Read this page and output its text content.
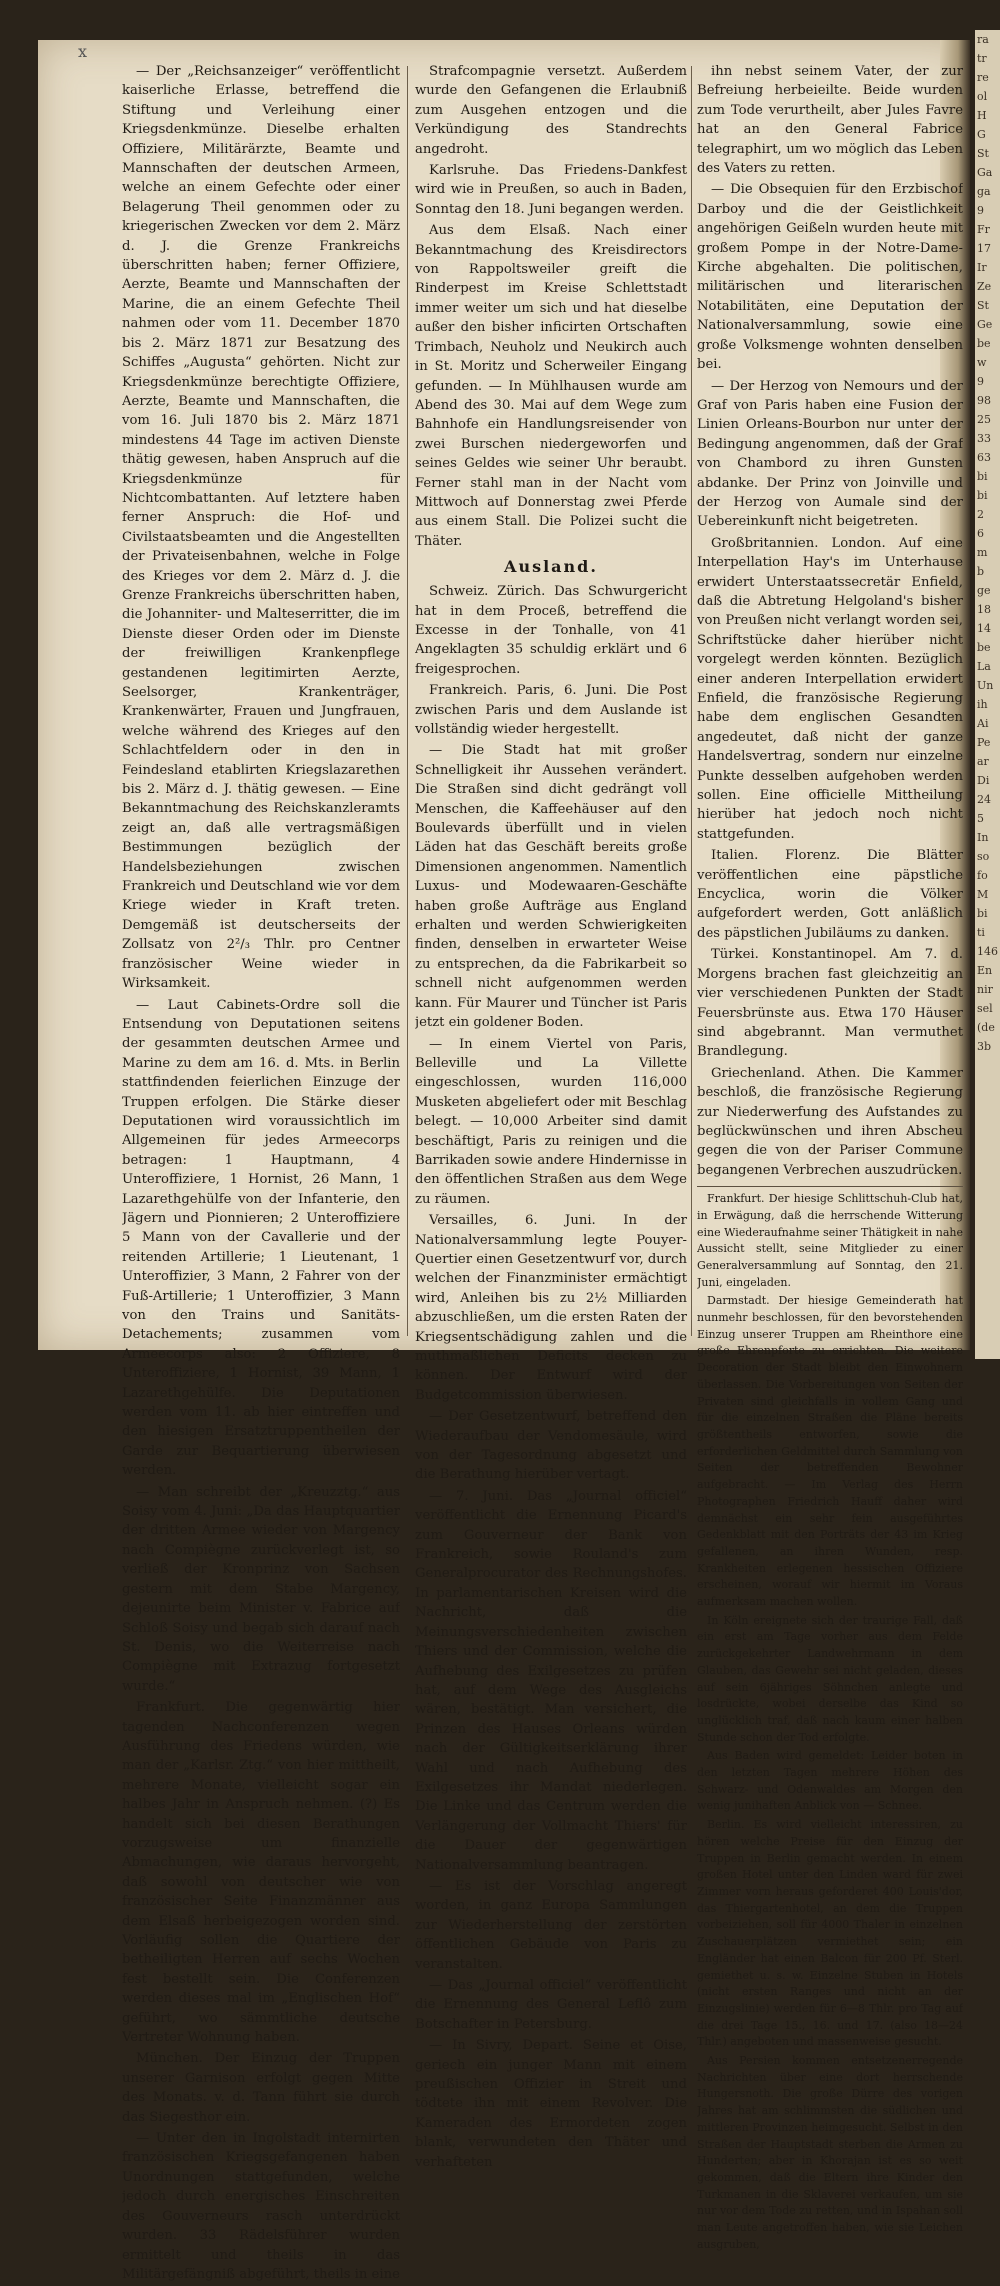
x
ra
tr
re
ol
H
G
St
Ga
ga
9
Fr
17
Ir
Ze
St
Ge
be
w
9
98
25
33
63
bi
bi
2
6
m
b
ge
18
14
be
La
Un
ih
Ai
Pe
ar
Di
24
5
In
so
fo
M
bi
ti
146
En
nir
sel
(de
3b

— Der „Reichsanzeiger“ veröffentlicht kaiserliche Erlasse, betreffend die Stiftung und Verleihung einer Kriegsdenkmünze. Dieselbe erhalten Offiziere, Militärärzte, Beamte und Mannschaften der deutschen Armeen, welche an einem Gefechte oder einer Belagerung Theil genommen oder zu kriegerischen Zwecken vor dem 2. März d. J. die Grenze Frankreichs überschritten haben; ferner Offiziere, Aerzte, Beamte und Mannschaften der Marine, die an einem Gefechte Theil nahmen oder vom 11. December 1870 bis 2. März 1871 zur Besatzung des Schiffes „Augusta“ gehörten. Nicht zur Kriegsdenkmünze berechtigte Offiziere, Aerzte, Beamte und Mannschaften, die vom 16. Juli 1870 bis 2. März 1871 mindestens 44 Tage im activen Dienste thätig gewesen, haben Anspruch auf die Kriegsdenkmünze für Nichtcombattanten. Auf letztere haben ferner Anspruch: die Hof- und Civilstaatsbeamten und die Angestellten der Privateisenbahnen, welche in Folge des Krieges vor dem 2. März d. J. die Grenze Frankreichs überschritten haben, die Johanniter- und Malteserritter, die im Dienste dieser Orden oder im Dienste der freiwilligen Krankenpflege gestandenen legitimirten Aerzte, Seelsorger, Krankenträger, Krankenwärter, Frauen und Jungfrauen, welche während des Krieges auf den Schlachtfeldern oder in den in Feindesland etablirten Kriegslazarethen bis 2. März d. J. thätig gewesen. — Eine Bekanntmachung des Reichskanzleramts zeigt an, daß alle vertragsmäßigen Bestimmungen bezüglich der Handelsbeziehungen zwischen Frankreich und Deutschland wie vor dem Kriege wieder in Kraft treten. Demgemäß ist deutscherseits der Zollsatz von 2²/₃ Thlr. pro Centner französischer Weine wieder in Wirksamkeit.

— Laut Cabinets-Ordre soll die Entsendung von Deputationen seitens der gesammten deutschen Armee und Marine zu dem am 16. d. Mts. in Berlin stattfindenden feierlichen Einzuge der Truppen erfolgen. Die Stärke dieser Deputationen wird voraussichtlich im Allgemeinen für jedes Armeecorps betragen: 1 Hauptmann, 4 Unteroffiziere, 1 Hornist, 26 Mann, 1 Lazarethgehülfe von der Infanterie, den Jägern und Pionnieren; 2 Unteroffiziere 5 Mann von der Cavallerie und der reitenden Artillerie; 1 Lieutenant, 1 Unteroffizier, 3 Mann, 2 Fahrer von der Fuß-Artillerie; 1 Unteroffizier, 3 Mann von den Trains und Sanitäts-Detachements; zusammen vom Armeecorps also: 2 Offiziere, 8 Unteroffiziere, 1 Hornist, 39 Mann, 1 Lazarethgehülfe. Die Deputationen werden vom 11. ab hier eintreffen und den hiesigen Ersatztruppentheilen der Garde zur Bequartierung überwiesen werden.

— Man schreibt der „Kreuzztg.“ aus Soisy vom 4. Juni: „Da das Hauptquartier der dritten Armee wieder von Margency nach Compiègne zurückverlegt ist, so verließ der Kronprinz von Sachsen gestern mit dem Stabe Margency, dejeunirte beim Minister v. Fabrice auf Schloß Soisy und begab sich darauf nach St. Denis, wo die Weiterreise nach Compiègne mit Extrazug fortgesetzt wurde.“

Frankfurt. Die gegenwärtig hier tagenden Nachconferenzen wegen Ausführung des Friedens würden, wie man der „Karlsr. Ztg.“ von hier mittheilt, mehrere Monate, vielleicht sogar ein halbes Jahr in Anspruch nehmen. (?) Es handelt sich bei diesen Berathungen vorzugsweise um finanzielle Abmachungen, wie daraus hervorgeht, daß sowohl von deutscher wie von französischer Seite Finanzmänner aus dem Elsaß herbeigezogen worden sind. Vorläufig sollen die Quartiere der betheiligten Herren auf sechs Wochen fest bestellt sein. Die Conferenzen werden dieses mal im „Englischen Hof“ geführt, wo sämmtliche deutsche Vertreter Wohnung haben.

München. Der Einzug der Truppen unserer Garnison erfolgt gegen Mitte des Monats. v. d. Tann führt sie durch das Siegesthor ein.

— Unter den in Ingolstadt internirten französischen Kriegsgefangenen haben Unordnungen stattgefunden, welche jedoch durch energisches Einschreiten des Gouverneurs rasch unterdrückt wurden. 33 Rädelsführer wurden ermittelt und theils in das Militärgefängniß abgeführt, theils in eine

Strafcompagnie versetzt. Außerdem wurde den Gefangenen die Erlaubniß zum Ausgehen entzogen und die Verkündigung des Standrechts angedroht.

Karlsruhe. Das Friedens-Dankfest wird wie in Preußen, so auch in Baden, Sonntag den 18. Juni begangen werden.

Aus dem Elsaß. Nach einer Bekanntmachung des Kreisdirectors von Rappoltsweiler greift die Rinderpest im Kreise Schlettstadt immer weiter um sich und hat dieselbe außer den bisher inficirten Ortschaften Trimbach, Neuholz und Neukirch auch in St. Moritz und Scherweiler Eingang gefunden. — In Mühlhausen wurde am Abend des 30. Mai auf dem Wege zum Bahnhofe ein Handlungsreisender von zwei Burschen niedergeworfen und seines Geldes wie seiner Uhr beraubt. Ferner stahl man in der Nacht vom Mittwoch auf Donnerstag zwei Pferde aus einem Stall. Die Polizei sucht die Thäter.

Ausland.

Schweiz. Zürich. Das Schwurgericht hat in dem Proceß, betreffend die Excesse in der Tonhalle, von 41 Angeklagten 35 schuldig erklärt und 6 freigesprochen.

Frankreich. Paris, 6. Juni. Die Post zwischen Paris und dem Auslande ist vollständig wieder hergestellt.

— Die Stadt hat mit großer Schnelligkeit ihr Aussehen verändert. Die Straßen sind dicht gedrängt voll Menschen, die Kaffeehäuser auf den Boulevards überfüllt und in vielen Läden hat das Geschäft bereits große Dimensionen angenommen. Namentlich Luxus- und Modewaaren-Geschäfte haben große Aufträge aus England erhalten und werden Schwierigkeiten finden, denselben in erwarteter Weise zu entsprechen, da die Fabrikarbeit so schnell nicht aufgenommen werden kann. Für Maurer und Tüncher ist Paris jetzt ein goldener Boden.

— In einem Viertel von Paris, Belleville und La Villette eingeschlossen, wurden 116,000 Musketen abgeliefert oder mit Beschlag belegt. — 10,000 Arbeiter sind damit beschäftigt, Paris zu reinigen und die Barrikaden sowie andere Hindernisse in den öffentlichen Straßen aus dem Wege zu räumen.

Versailles, 6. Juni. In der Nationalversammlung legte Pouyer-Quertier einen Gesetzentwurf vor, durch welchen der Finanzminister ermächtigt wird, Anleihen bis zu 2½ Milliarden abzuschließen, um die ersten Raten der Kriegsentschädigung zahlen und die muthmaßlichen Deficits decken zu können. Der Entwurf wird der Budgetcommission überwiesen.

— Der Gesetzentwurf, betreffend den Wiederaufbau der Vendomesäule, wird von der Tagesordnung abgesetzt und die Berathung hierüber vertagt.

— 7. Juni. Das „Journal officiel“ veröffentlicht die Ernennung Picard's zum Gouverneur der Bank von Frankreich, sowie Rouland's zum Generalprocurator des Rechnungshofes. In parlamentarischen Kreisen wird die Nachricht, daß die Meinungsverschiedenheiten zwischen Thiers und der Commission, welche die Aufhebung des Exilgesetzes zu prüfen hat, auf dem Wege des Ausgleichs wären, bestätigt. Man versichert, die Prinzen des Hauses Orleans würden nach der Gültigkeitserklärung ihrer Wahl und nach Aufhebung des Exilgesetzes ihr Mandat niederlegen. Die Linke und das Centrum werden die Verlängerung der Vollmacht Thiers' für die Dauer der gegenwärtigen Nationalversammlung beantragen.

— Es ist der Vorschlag angeregt worden, in ganz Europa Sammlungen zur Wiederherstellung der zerstörten öffentlichen Gebäude von Paris zu veranstalten.

— Das „Journal officiel“ veröffentlicht die Ernennung des General Leflô zum Botschafter in Petersburg.

— In Sivry, Depart. Seine et Oise, geriech ein junger Mann mit einem preußischen Offizier in Streit und tödtete ihn mit einem Revolver. Die Kameraden des Ermordeten zogen blank, verwundeten den Thäter und verhafteten

ihn nebst seinem Vater, der zur Befreiung herbeieilte. Beide wurden zum Tode verurtheilt, aber Jules Favre hat an den General Fabrice telegraphirt, um wo möglich das Leben des Vaters zu retten.

— Die Obsequien für den Erzbischof Darboy und die der Geistlichkeit angehörigen Geißeln wurden heute mit großem Pompe in der Notre-Dame-Kirche abgehalten. Die politischen, militärischen und literarischen Notabilitäten, eine Deputation der Nationalversammlung, sowie eine große Volksmenge wohnten denselben bei.

— Der Herzog von Nemours und der Graf von Paris haben eine Fusion der Linien Orleans-Bourbon nur unter der Bedingung angenommen, daß der Graf von Chambord zu ihren Gunsten abdanke. Der Prinz von Joinville und der Herzog von Aumale sind der Uebereinkunft nicht beigetreten.

Großbritannien. London. Auf eine Interpellation Hay's im Unterhause erwidert Unterstaatssecretär Enfield, daß die Abtretung Helgoland's bisher von Preußen nicht verlangt worden sei, Schriftstücke daher hierüber nicht vorgelegt werden könnten. Bezüglich einer anderen Interpellation erwidert Enfield, die französische Regierung habe dem englischen Gesandten angedeutet, daß nicht der ganze Handelsvertrag, sondern nur einzelne Punkte desselben aufgehoben werden sollen. Eine officielle Mittheilung hierüber hat jedoch noch nicht stattgefunden.

Italien. Florenz. Die Blätter veröffentlichen eine päpstliche Encyclica, worin die Völker aufgefordert werden, Gott anläßlich des päpstlichen Jubiläums zu danken.

Türkei. Konstantinopel. Am 7. d. Morgens brachen fast gleichzeitig an vier verschiedenen Punkten der Stadt Feuersbrünste aus. Etwa 170 Häuser sind abgebrannt. Man vermuthet Brandlegung.

Griechenland. Athen. Die Kammer beschloß, die französische Regierung zur Niederwerfung des Aufstandes zu beglückwünschen und ihren Abscheu gegen die von der Pariser Commune begangenen Verbrechen auszudrücken.

Frankfurt. Der hiesige Schlittschuh-Club hat, in Erwägung, daß die herrschende Witterung eine Wiederaufnahme seiner Thätigkeit in nahe Aussicht stellt, seine Mitglieder zu einer Generalversammlung auf Sonntag, den 21. Juni, eingeladen.

Darmstadt. Der hiesige Gemeinderath hat nunmehr beschlossen, für den bevorstehenden Einzug unserer Truppen am Rheinthore eine große Ehrenpforte zu errichten. Die weitere Decoration der Stadt bleibt den Einwohnern überlassen. Die Vorbereitungen von Seiten der Privaten sind gleichfalls in vollem Gang und für die einzelnen Straßen die Pläne bereits größtentheils entworfen, sowie die erforderlichen Geldmittel durch Sammlung von Seiten der betreffenden Bewohner aufgebracht. — Im Verlag des Herrn Photographen Friedrich Hauff daher wird demnächst ein sehr fein ausgeführtes Gedenkblatt mit den Porträts der 43 im Krieg gefallenen, an ihren Wunden, resp. Krankheiten erlegenen hessischen Offiziere erscheinen, worauf wir hiermit im Voraus aufmerksam machen wollen.

In Köln ereignete sich der traurige Fall, daß ein erst am Tage vorher aus dem Felde zurückgekehrter Landwehrmann in dem Glauben, das Gewehr sei nicht geladen, dieses auf sein 6jähriges Söhnchen anlegte und losdrückte, wobei derselbe das Kind so unglücklich traf, daß nach kaum einer halben Stunde schon der Tod erfolgte.

Aus Baden wird gemeldet: Leider boten in den letzten Tagen mehrere Höhen des Schwarz- und Odenwaldes am Morgen den wenig junihaften Anblick von — Schnee.

Berlin. Es wird vielleicht interessiren, zu hören welche Preise für den Einzug der Truppen in Berlin gemacht werden. In einem großen Hotel unter den Linden ward für zwei Zimmer vorn heraus geforderet 400 Louis'dor, das Thiergartenhotel, an dem die Truppen vorbeiziehen, soll für 4000 Thaler in einzelnen Zuschauerplätzen vermiethet sein; ein Engländer hat einen Balcon für 200 Pf. Sterl. gemiethet u. s. w. Einzelne Stuben in Hotels (nicht ersten Ranges und nicht an der Einzugslinie) werden für 6—8 Thlr. pro Tag auf die drei Tage 15., 16. und 17. (also 18—24 Thlr.) angeboten und massenweise gesucht.

Aus Persien kommen entsetzenerregende Nachrichten über eine dort herrschende Hungersnoth. Die große Dürre des vorigen Jahres hat am schlimmsten die südlichen und mittleren Provinzen heimgesucht. Selbst in den Straßen der Hauptstadt sterben die Armen zu Hunderten; aber in Khorajan ist es so weit gekommen, daß die Eltern ihre Kinder den Turkmanen in die Sklaverei verkaufen, um sie nur vor dem Tode zu retten, und in Ispahan soll man Leute angetroffen haben, wie sie Leichen ausgruben,
